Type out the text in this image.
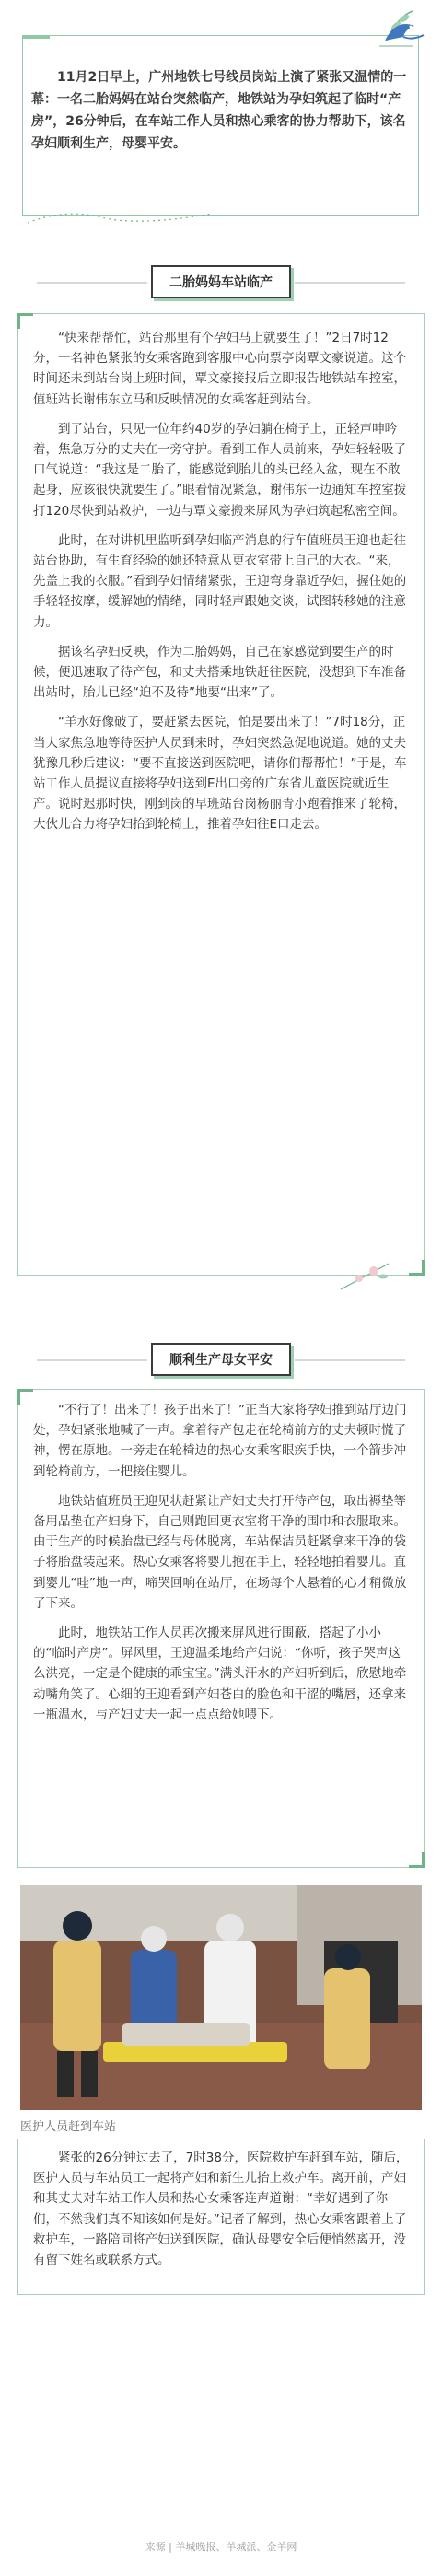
11月2日早上，广州地铁七号线员岗站上演了紧张又温情的一幕：一名二胎妈妈在站台突然临产，地铁站为孕妇筑起了临时“产房”，26分钟后，在车站工作人员和热心乘客的协力帮助下，该名孕妇顺利生产，母婴平安。

二胎妈妈车站临产

“快来帮帮忙，站台那里有个孕妇马上就要生了！”2日7时12分，一名神色紧张的女乘客跑到客服中心向票亭岗覃文豪说道。这个时间还未到站台岗上班时间，覃文豪接报后立即报告地铁站车控室，值班站长谢伟东立马和反映情况的女乘客赶到站台。

到了站台，只见一位年约40岁的孕妇躺在椅子上，正轻声呻吟着，焦急万分的丈夫在一旁守护。看到工作人员前来，孕妇轻轻吸了口气说道：“我这是二胎了，能感觉到胎儿的头已经入盆，现在不敢起身，应该很快就要生了。”眼看情况紧急，谢伟东一边通知车控室拨打120尽快到站救护，一边与覃文豪搬来屏风为孕妇筑起私密空间。

此时，在对讲机里监听到孕妇临产消息的行车值班员王迎也赶往站台协助，有生育经验的她还特意从更衣室带上自己的大衣。“来，先盖上我的衣服。”看到孕妇情绪紧张，王迎弯身靠近孕妇，握住她的手轻轻按摩，缓解她的情绪，同时轻声跟她交谈，试图转移她的注意力。

据该名孕妇反映，作为二胎妈妈，自己在家感觉到要生产的时候，便迅速取了待产包，和丈夫搭乘地铁赶往医院，没想到下车准备出站时，胎儿已经“迫不及待”地要“出来”了。

“羊水好像破了，要赶紧去医院，怕是要出来了！”7时18分，正当大家焦急地等待医护人员到来时，孕妇突然急促地说道。她的丈夫犹豫几秒后建议：“要不直接送到医院吧，请你们帮帮忙！”于是，车站工作人员提议直接将孕妇送到E出口旁的广东省儿童医院就近生产。说时迟那时快，刚到岗的早班站台岗杨丽青小跑着推来了轮椅，大伙儿合力将孕妇抬到轮椅上，推着孕妇往E口走去。

顺利生产母女平安

“不行了！出来了！孩子出来了！”正当大家将孕妇推到站厅边门处，孕妇紧张地喊了一声。拿着待产包走在轮椅前方的丈夫顿时慌了神，愣在原地。一旁走在轮椅边的热心女乘客眼疾手快，一个箭步冲到轮椅前方，一把接住婴儿。

地铁站值班员王迎见状赶紧让产妇丈夫打开待产包，取出褥垫等备用品垫在产妇身下，自己则跑回更衣室将干净的围巾和衣服取来。由于生产的时候胎盘已经与母体脱离，车站保洁员赶紧拿来干净的袋子将胎盘装起来。热心女乘客将婴儿抱在手上，轻轻地拍着婴儿。直到婴儿“哇”地一声，啼哭回响在站厅，在场每个人悬着的心才稍微放了下来。

此时，地铁站工作人员再次搬来屏风进行围蔽，搭起了小小的“临时产房”。屏风里，王迎温柔地给产妇说：“你听，孩子哭声这么洪亮，一定是个健康的乖宝宝。”满头汗水的产妇听到后，欣慰地牵动嘴角笑了。心细的王迎看到产妇苍白的脸色和干涩的嘴唇，还拿来一瓶温水，与产妇丈夫一起一点点给她喂下。

医护人员赶到车站

紧张的26分钟过去了，7时38分，医院救护车赶到车站，随后，医护人员与车站员工一起将产妇和新生儿抬上救护车。离开前，产妇和其丈夫对车站工作人员和热心女乘客连声道谢：“幸好遇到了你们，不然我们真不知该如何是好。”记者了解到，热心女乘客跟着上了救护车，一路陪同将产妇送到医院，确认母婴安全后便悄然离开，没有留下姓名或联系方式。

来源 | 羊城晚报、羊城派、金羊网
